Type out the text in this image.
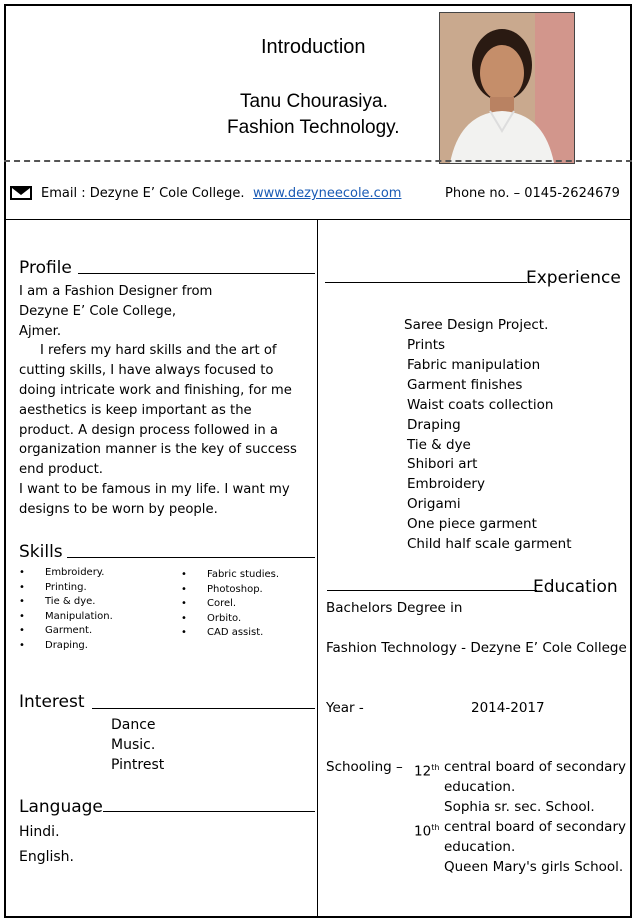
Introduction
Tanu Chourasiya.
Fashion Technology.
Email : Dezyne E’ Cole College. www.dezyneecole.com	Phone no. – 0145-2624679
Profile
I am a Fashion Designer from
Dezyne E’ Cole College,
Ajmer.
I refers my hard skills and the art of
cutting skills, I have always focused to
doing intricate work and finishing, for me
aesthetics is keep important as the
product. A design process followed in a
organization manner is the key of success
end product.
I want to be famous in my life. I want my
designs to be worn by people.
Skills
• Embroidery.
• Printing.
• Tie & dye.
• Manipulation.
• Garment.
• Draping.
• Fabric studies.
• Photoshop.
• Corel.
• Orbito.
• CAD assist.
Interest
Dance
Music.
Pintrest
Language
Hindi.
English.
Experience
Saree Design Project.
Prints
Fabric manipulation
Garment finishes
Waist coats collection
Draping
Tie & dye
Shibori art
Embroidery
Origami
One piece garment
Child half scale garment
Education
Bachelors Degree in
Fashion Technology - Dezyne E’ Cole College
Year -	2014-2017
Schooling – 12th central board of secondary
education.
Sophia sr. sec. School.
10th central board of secondary
education.
Queen Mary's girls School.
